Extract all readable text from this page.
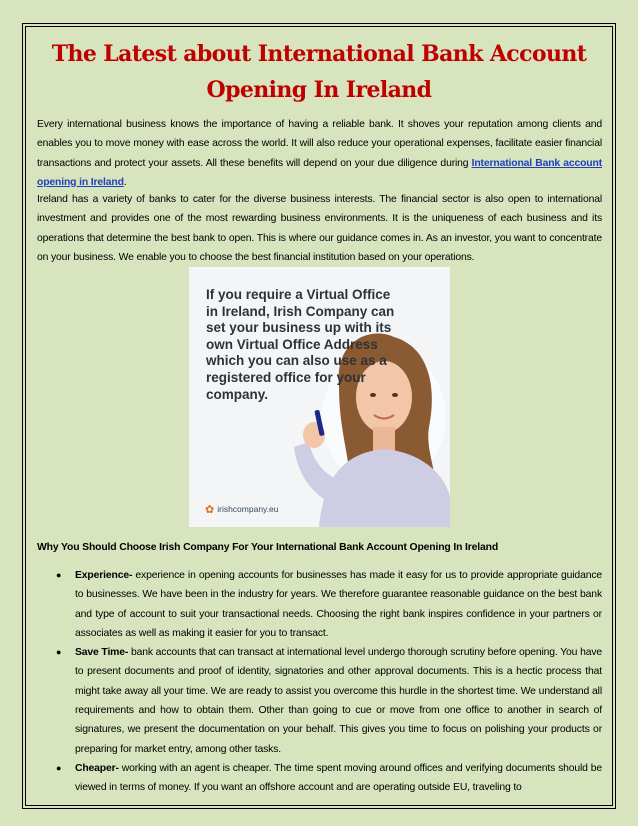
The Latest about International Bank Account Opening In Ireland

Every international business knows the importance of having a reliable bank. It shoves your reputation among clients and enables you to move money with ease across the world. It will also reduce your operational expenses, facilitate easier financial transactions and protect your assets. All these benefits will depend on your due diligence during International Bank account opening in Ireland.

Ireland has a variety of banks to cater for the diverse business interests. The financial sector is also open to international investment and provides one of the most rewarding business environments. It is the uniqueness of each business and its operations that determine the best bank to open. This is where our guidance comes in. As an investor, you want to concentrate on your business. We enable you to choose the best financial institution based on your operations.

If you require a Virtual Office in Ireland, Irish Company can set your business up with its own Virtual Office Address which you can also use as a registered office for your company.

✿ irishcompany.eu

Why You Should Choose Irish Company For Your International Bank Account Opening In Ireland

● Experience- experience in opening accounts for businesses has made it easy for us to provide appropriate guidance to businesses. We have been in the industry for years. We therefore guarantee reasonable guidance on the best bank and type of account to suit your transactional needs. Choosing the right bank inspires confidence in your partners or associates as well as making it easier for you to transact.
● Save Time- bank accounts that can transact at international level undergo thorough scrutiny before opening. You have to present documents and proof of identity, signatories and other approval documents. This is a hectic process that might take away all your time. We are ready to assist you overcome this hurdle in the shortest time. We understand all requirements and how to obtain them. Other than going to cue or move from one office to another in search of signatures, we present the documentation on your behalf. This gives you time to focus on polishing your products or preparing for market entry, among other tasks.
● Cheaper- working with an agent is cheaper. The time spent moving around offices and verifying documents should be viewed in terms of money. If you want an offshore account and are operating outside EU, traveling to
